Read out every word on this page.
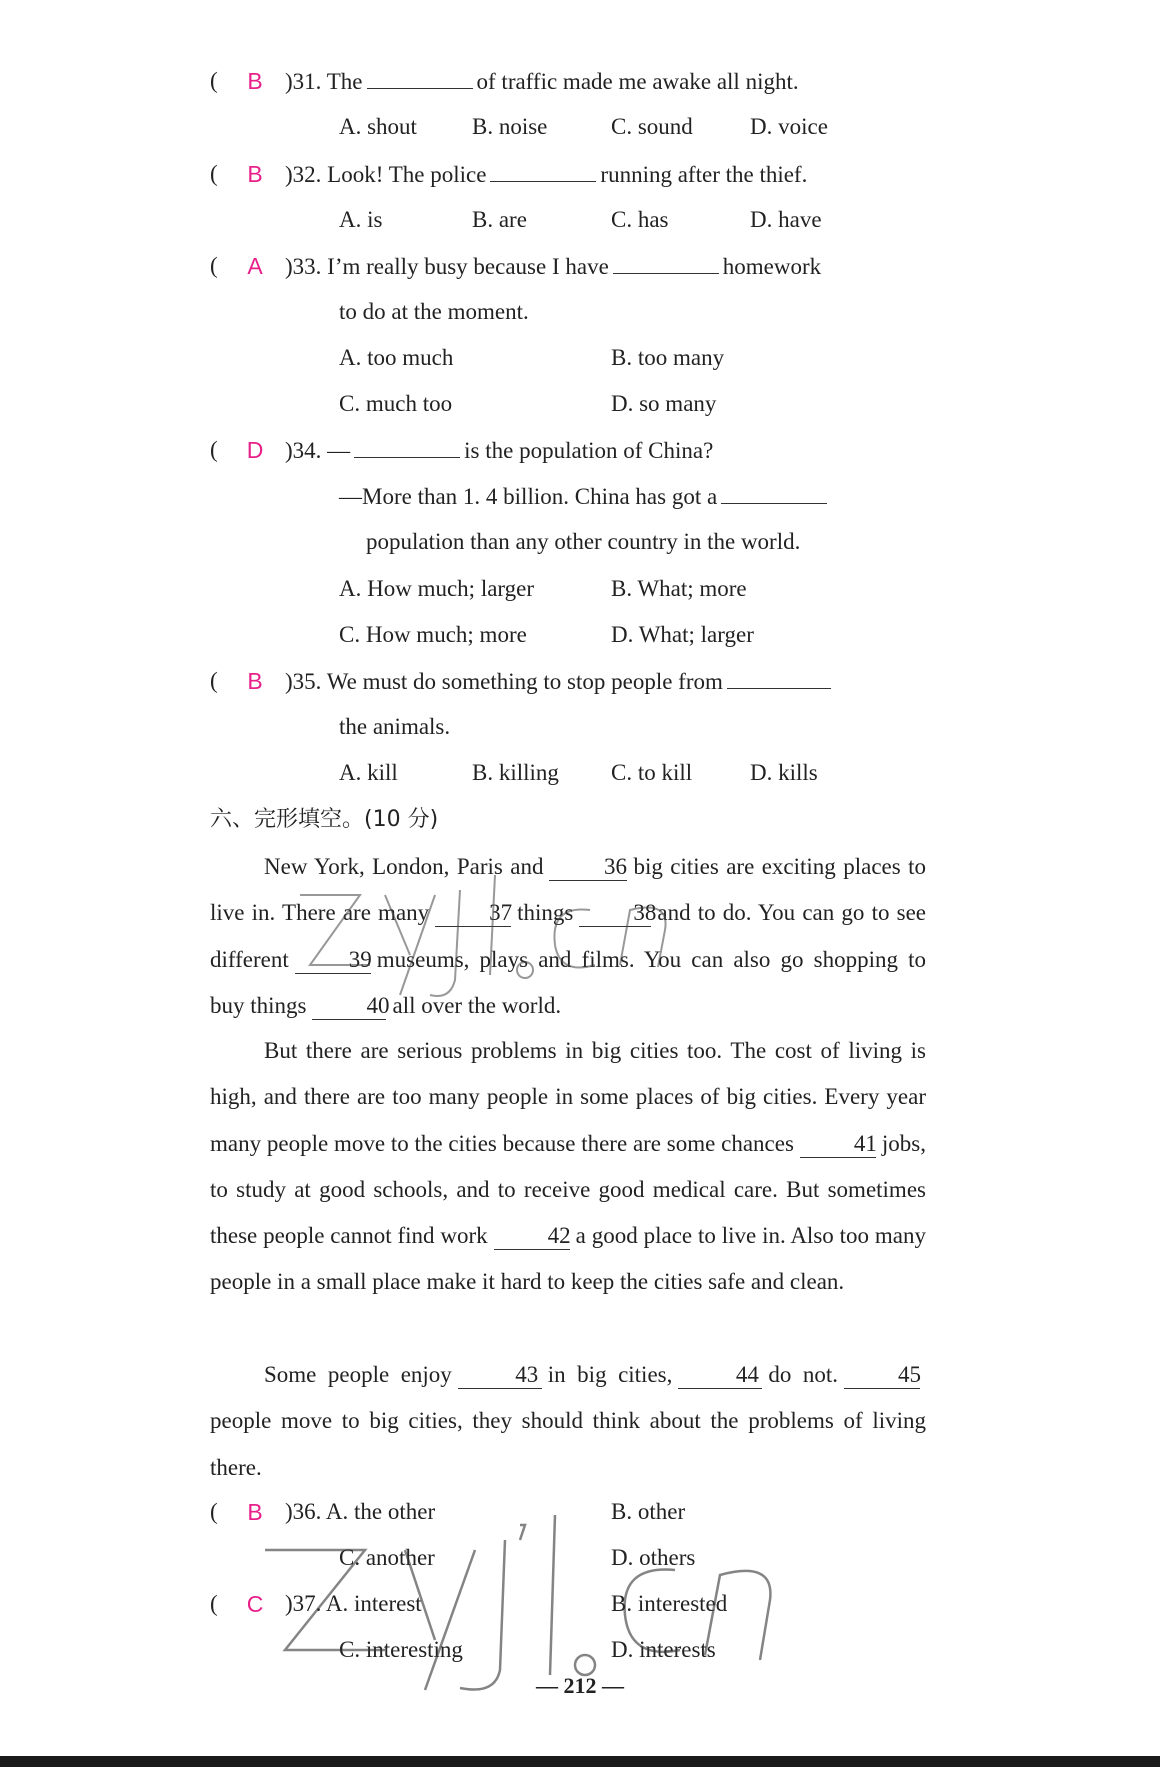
(	B )31. The	of traffic made me awake all night.
A. shout B. noise	C. sound D. voice
(	B )32. Look! The police	running after the thief.
A. is	B. are	C. has	D. have
(	A )33. I’m really busy because I have	homework
to do at the moment.
A. too much	B. too many
C. much too	D. so many
( D )34. —	is the population of China?
—More than 1. 4 billion. China has got a
population than any other country in the world.
A. How much; larger	B. What; more
C. How much; more	D. What; larger
(	B )35. We must do something to stop people from
the animals.
A. kill	B. killing C. to kill	D. kills
六、完形填空。(10 分)
New York, London, Paris and	36 big cities are exciting places to live in. There are many	37 things	38and to do. You can go to see different	39 museums, plays and films. You can also go shopping to buy things	40 all over the world.
But there are serious problems in big cities too. The cost of living is high, and there are too many people in some places of big cities. Every year many people move to the cities because there are some chances	41 jobs, to study at good schools, and to receive good medical care. But sometimes these people cannot find work	42 a good place to live in. Also too many people in a small place make it hard to keep the cities safe and clean.
Some people enjoy	43 in big cities,	44 do not.	45people move to big cities, they should think about the problems of living there.
(	B )36. A. the other	B. other
C. another	D. others
( C )37. A. interest	B. interested
C. interesting	D. interests
— 212 —
